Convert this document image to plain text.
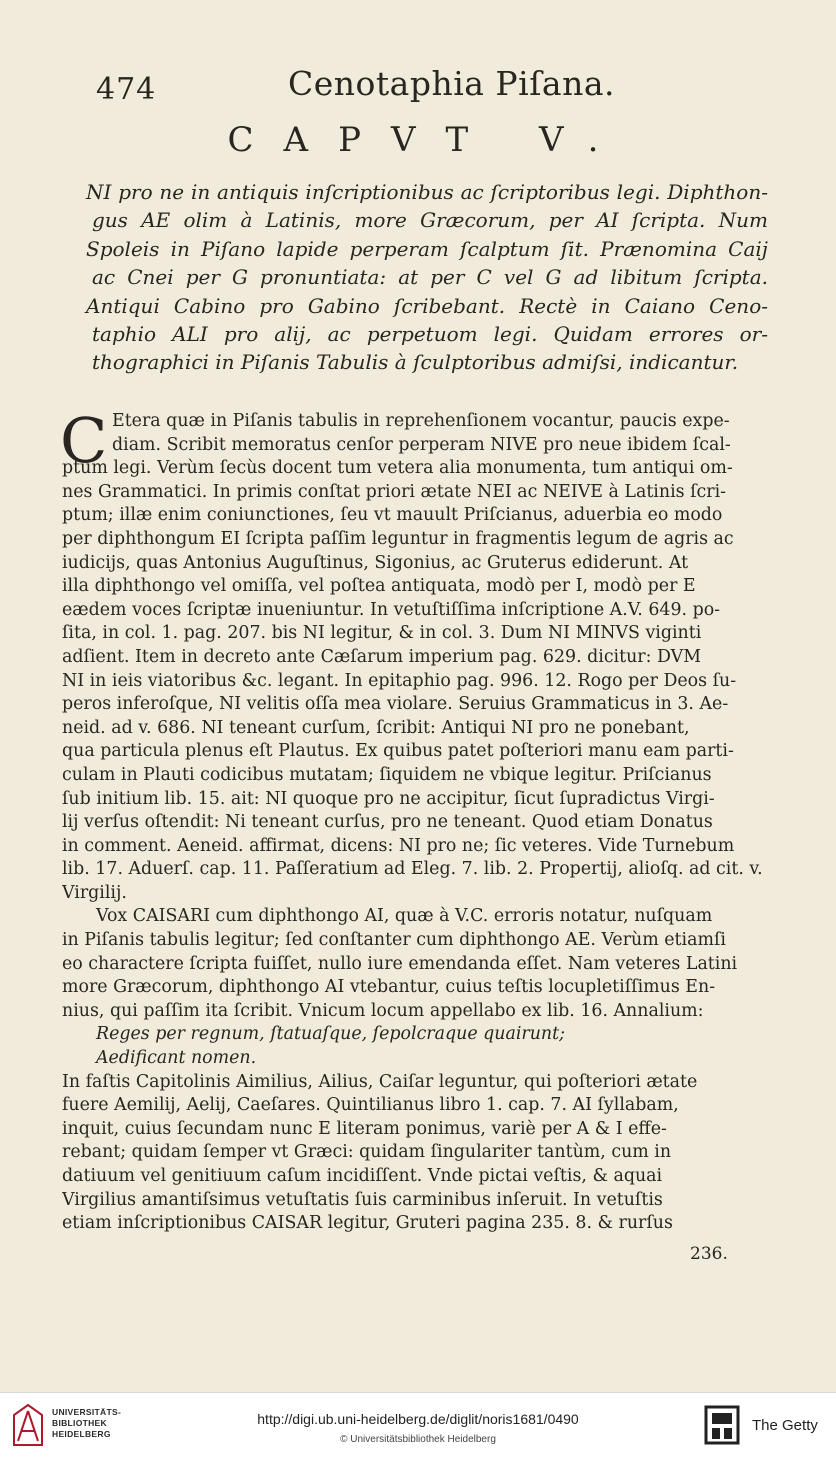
474	Cenotaphia Piſana.
CAPVT V.
NI pro ne in antiquis inſcriptionibus ac ſcriptoribus legi. Diphthon-
gus AE olim à Latinis, more Græcorum, per AI ſcripta. Num
Spoleis in Piſano lapide perperam ſcalptum ſit. Prænomina Caij
ac Cnei per G pronuntiata: at per C vel G ad libitum ſcripta.
Antiqui Cabino pro Gabino ſcribebant. Rectè in Caiano Ceno-
taphio ALI pro alij, ac perpetuom legi. Quidam errores or-
thographici in Piſanis Tabulis à ſculptoribus admiſsi, indicantur.
C Etera quæ in Piſanis tabulis in reprehenſionem vocantur, paucis expe-
diam. Scribit memoratus cenſor perperam NIVE pro neue ibidem ſcal-
ptum legi. Verùm ſecùs docent tum vetera alia monumenta, tum antiqui om-
nes Grammatici. In primis conſtat priori ætate NEI ac NEIVE à Latinis ſcri-
ptum; illæ enim coniunctiones, ſeu vt mauult Priſcianus, aduerbia eo modo
per diphthongum EI ſcripta paſſim leguntur in fragmentis legum de agris ac
iudicijs, quas Antonius Auguſtinus, Sigonius, ac Gruterus ediderunt. At
illa diphthongo vel omiſſa, vel poſtea antiquata, modò per I, modò per E
eædem voces ſcriptæ inueniuntur. In vetuſtiſſima inſcriptione A.V. 649. po-
ſita, in col. 1. pag. 207. bis NI legitur, & in col. 3. Dum NI MINVS viginti
adſient. Item in decreto ante Cæſarum imperium pag. 629. dicitur: DVM
NI in ieis viatoribus &c. legant. In epitaphio pag. 996. 12. Rogo per Deos ſu-
peros inferoſque, NI velitis oſſa mea violare. Seruius Grammaticus in 3. Ae-
neid. ad v. 686. NI teneant curſum, ſcribit: Antiqui NI pro ne ponebant,
qua particula plenus eſt Plautus. Ex quibus patet poſteriori manu eam parti-
culam in Plauti codicibus mutatam; ſiquidem ne vbique legitur. Priſcianus
ſub initium lib. 15. ait: NI quoque pro ne accipitur, ſicut ſupradictus Virgi-
lij verſus oſtendit: Ni teneant curſus, pro ne teneant. Quod etiam Donatus
in comment. Aeneid. affirmat, dicens: NI pro ne; ſic veteres. Vide Turnebum
lib. 17. Aduerſ. cap. 11. Paſſeratium ad Eleg. 7. lib. 2. Propertij, alioſq. ad cit. v.
Virgilij.
Vox CAISARI cum diphthongo AI, quæ à V.C. erroris notatur, nuſquam
in Piſanis tabulis legitur; ſed conſtanter cum diphthongo AE. Verùm etiamſi
eo charactere ſcripta fuiſſet, nullo iure emendanda eſſet. Nam veteres Latini
more Græcorum, diphthongo AI vtebantur, cuius teſtis locupletiſſimus En-
nius, qui paſſim ita ſcribit. Vnicum locum appellabo ex lib. 16. Annalium:
Reges per regnum, ſtatuaſque, ſepolcraque quairunt;
Aedificant nomen.
In faſtis Capitolinis Aimilius, Ailius, Caiſar leguntur, qui poſteriori ætate
fuere Aemilij, Aelij, Caeſares. Quintilianus libro 1. cap. 7. AI ſyllabam,
inquit, cuius ſecundam nunc E literam ponimus, variè per A & I effe-
rebant; quidam ſemper vt Græci: quidam ſingulariter tantùm, cum in
datiuum vel genitiuum caſum incidiſſent. Vnde pictai veſtis, & aquai
Virgilius amantiſsimus vetuſtatis ſuis carminibus inſeruit. In vetuſtis
etiam inſcriptionibus CAISAR legitur, Gruteri pagina 235. 8. & rurſus
236.
UNIVERSITÄTS-
BIBLIOTHEK
HEIDELBERG
http://digi.ub.uni-heidelberg.de/diglit/noris1681/0490
© Universitätsbibliothek Heidelberg
The Getty
